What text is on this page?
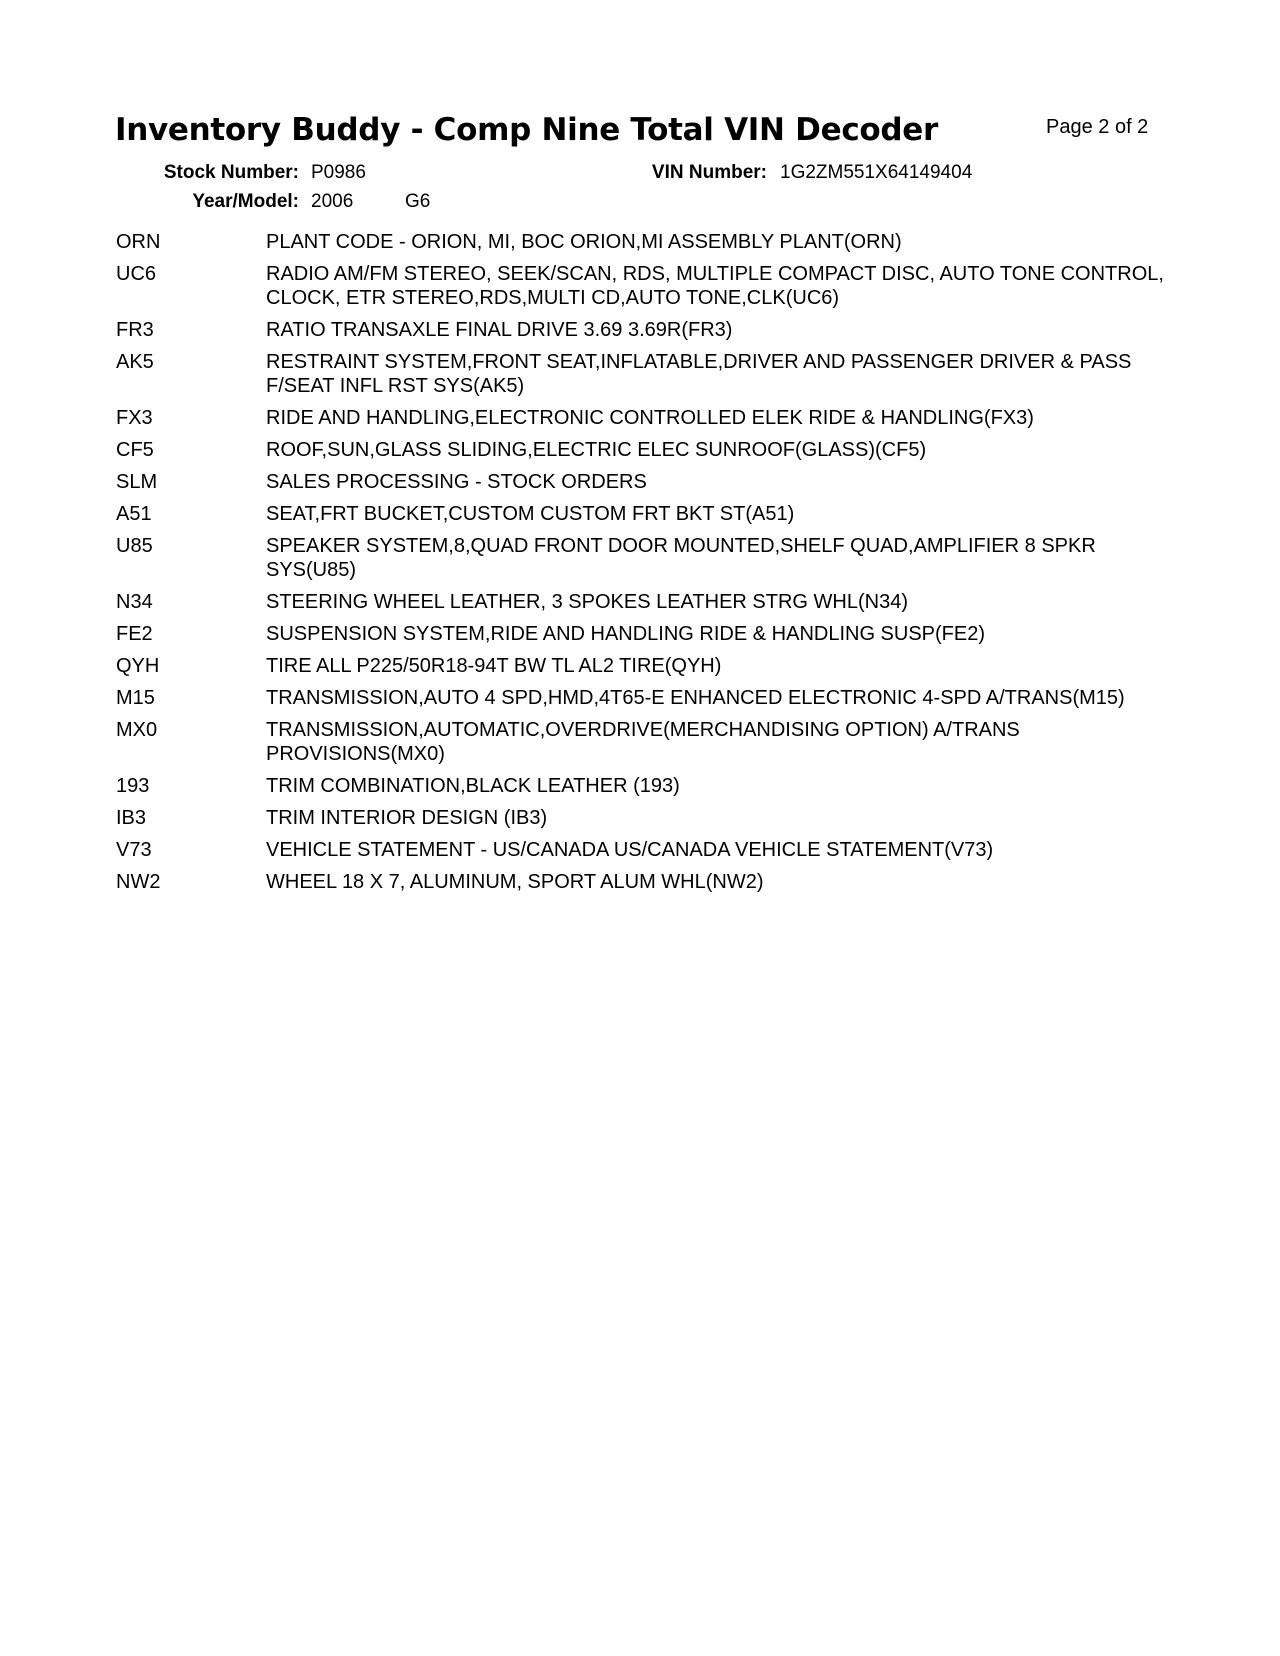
Inventory Buddy - Comp Nine Total VIN Decoder	Page 2 of 2
Stock Number: P0986	VIN Number: 1G2ZM551X64149404
Year/Model: 2006	G6
ORN	PLANT CODE - ORION, MI, BOC ORION,MI ASSEMBLY PLANT(ORN)
UC6	RADIO AM/FM STEREO, SEEK/SCAN, RDS, MULTIPLE COMPACT DISC, AUTO TONE CONTROL, CLOCK, ETR STEREO,RDS,MULTI CD,AUTO TONE,CLK(UC6)
FR3	RATIO TRANSAXLE FINAL DRIVE 3.69 3.69R(FR3)
AK5	RESTRAINT SYSTEM,FRONT SEAT,INFLATABLE,DRIVER AND PASSENGER DRIVER & PASS F/SEAT INFL RST SYS(AK5)
FX3	RIDE AND HANDLING,ELECTRONIC CONTROLLED ELEK RIDE & HANDLING(FX3)
CF5	ROOF,SUN,GLASS SLIDING,ELECTRIC ELEC SUNROOF(GLASS)(CF5)
SLM	SALES PROCESSING - STOCK ORDERS
A51	SEAT,FRT BUCKET,CUSTOM CUSTOM FRT BKT ST(A51)
U85	SPEAKER SYSTEM,8,QUAD FRONT DOOR MOUNTED,SHELF QUAD,AMPLIFIER 8 SPKR SYS(U85)
N34	STEERING WHEEL LEATHER, 3 SPOKES LEATHER STRG WHL(N34)
FE2	SUSPENSION SYSTEM,RIDE AND HANDLING RIDE & HANDLING SUSP(FE2)
QYH	TIRE ALL P225/50R18-94T BW TL AL2 TIRE(QYH)
M15	TRANSMISSION,AUTO 4 SPD,HMD,4T65-E ENHANCED ELECTRONIC 4-SPD A/TRANS(M15)
MX0	TRANSMISSION,AUTOMATIC,OVERDRIVE(MERCHANDISING OPTION) A/TRANS PROVISIONS(MX0)
193	TRIM COMBINATION,BLACK LEATHER (193)
IB3	TRIM INTERIOR DESIGN (IB3)
V73	VEHICLE STATEMENT - US/CANADA US/CANADA VEHICLE STATEMENT(V73)
NW2	WHEEL 18 X 7, ALUMINUM, SPORT ALUM WHL(NW2)
